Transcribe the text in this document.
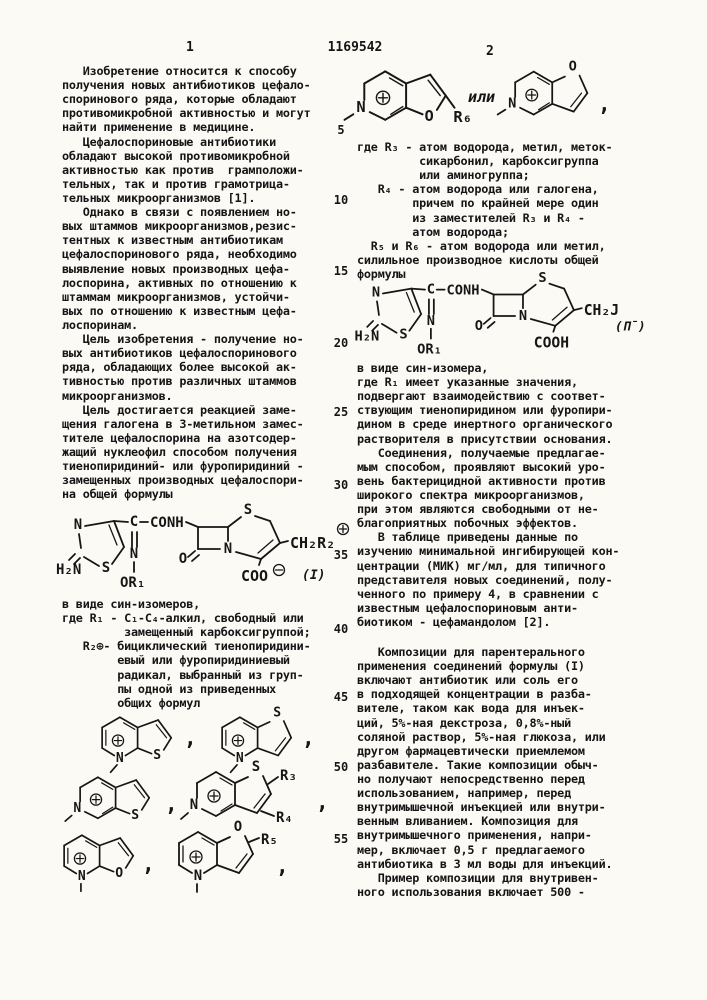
1	1169542	2
5
10
15
20
25
30
35
40
45
50
55
Изобретение относится к способу
получения новых антибиотиков цефало-
споринового ряда, которые обладают
противомикробной активностью и могут
найти применение в медицине.
Цефалоспориновые антибиотики
обладают высокой противомикробной
активностью как против  грамположи-
тельных, так и против грамотрица-
тельных микроорганизмов [1].
Однако в связи с появлением но-
вых штаммов микроорганизмов,резис-
тентных к известным антибиотикам
цефалоспоринового ряда, необходимо
выявление новых производных цефа-
лоспорина, активных по отношению к
штаммам микроорганизмов, устойчи-
вых по отношению к известным цефа-
лоспоринам.
Цель изобретения - получение но-
вых антибиотиков цефалоспоринового
ряда, обладающих более высокой ак-
тивностью против различных штаммов
микроорганизмов.
Цель достигается реакцией заме-
щения галогена в 3-метильном замес-
тителе цефалоспорина на азотсодер-
жащий нуклеофил способом получения
тиенопиридиний- или фуропиридиний -
замещенных производных цефалоспори-
на общей формулы
N
H₂N S
C CONH
N
OR₁
O
N
S
CH₂R₂
COO	(I)
в виде син-изомеров,
где R₁ - C₁-C₄-алкил, свободный или
замещенный карбоксигруппой;
R₂⊕- бициклический тиенопиридини-
евый или фуропиридиниевый
радикал, выбранный из груп-
пы одной из приведенных
общих формул
N S
,
N
S
,
N	S , N
S
R₃
R₄
,
N O ,	N
O
R₅
,
N	O R₆
или N
O
,
где R₃ - атом водорода, метил, меток-
сикарбонил, карбоксигруппа
или аминогруппа;
R₄ - атом водорода или галогена,
причем по крайней мере один
из заместителей R₃ и R₄ -
атом водорода;
R₅ и R₆ - атом водорода или метил,
силильное производное кислоты общей
формулы
N
H₂N S
C CONH
N
OR₁
O
N
S
CH₂J
COOH
(П̄)
в виде син-изомера,
где R₁ имеет указанные значения,
подвергают взаимодействию с соответ-
ствующим тиенопиридином или фуропири-
дином в среде инертного органического
растворителя в присутствии основания.
Соединения, получаемые предлагае-
мым способом, проявляют высокий уро-
вень бактерицидной активности против
широкого спектра микроорганизмов,
при этом являются свободными от не-
благоприятных побочных эффектов.
В таблице приведены данные по
изучению минимальной ингибирующей кон-
центрации (МИК) мг/мл, для типичного
представителя новых соединений, полу-
ченного по примеру 4, в сравнении с
известным цефалоспориновым анти-
биотиком - цефамандолом [2].
Композиции для парентерального
применения соединений формулы (I)
включают антибиотик или соль его
в подходящей концентрации в разба-
вителе, таком как вода для инъек-
ций, 5%-ная декстроза, 0,8%-ный
соляной раствор, 5%-ная глюкоза, или
другом фармацевтически приемлемом
разбавителе. Такие композиции обыч-
но получают непосредственно перед
использованием, например, перед
внутримышечной инъекцией или внутри-
венным вливанием. Композиция для
внутримышечного применения, напри-
мер, включает 0,5 г предлагаемого
антибиотика в 3 мл воды для инъекций.
Пример композиции для внутривен-
ного использования включает 500 -
